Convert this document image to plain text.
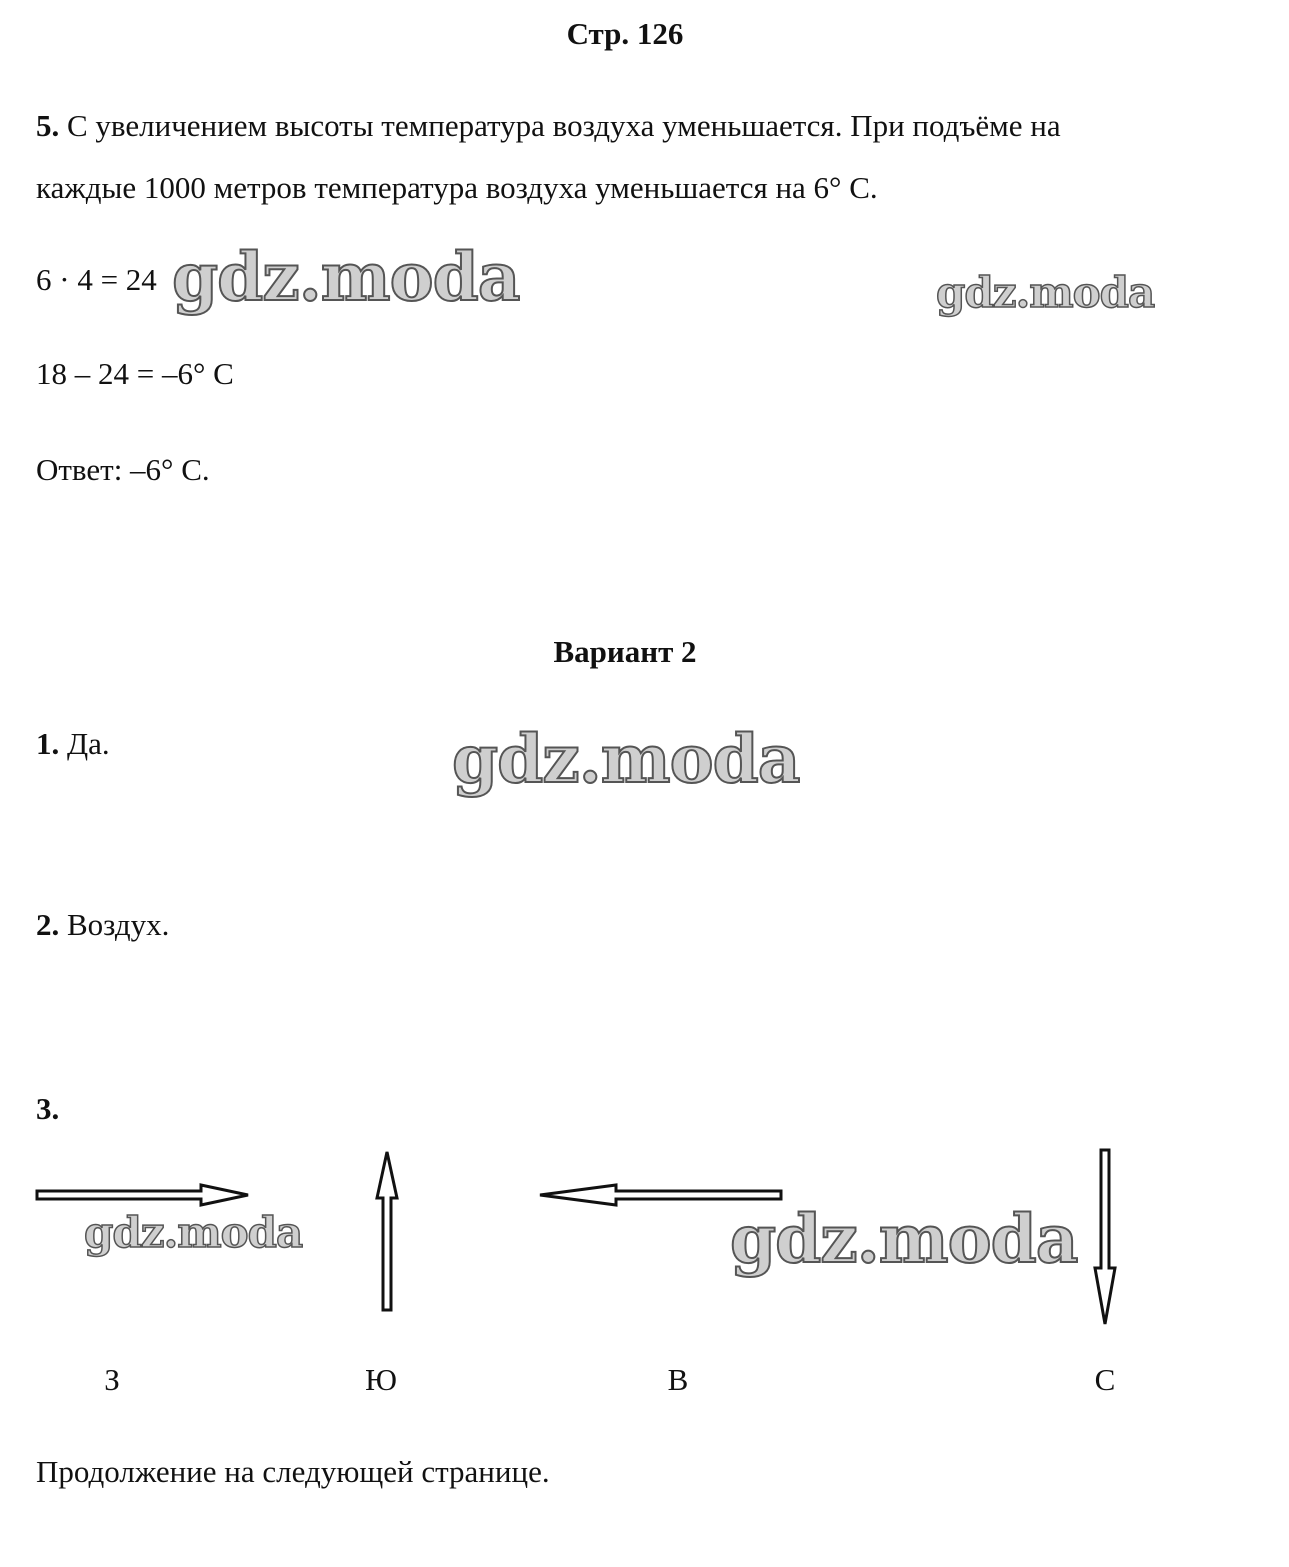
Стр. 126
5. С увеличением высоты температура воздуха уменьшается. При подъёме на
каждые 1000 метров температура воздуха уменьшается на 6° С.
6 · 4 = 24
18 – 24 = –6° С
Ответ: –6° С.
Вариант 2
1. Да.
2. Воздух.
3.
З	Ю	В	С
Продолжение на следующей странице.
gdz.moda	gdz.moda
gdz.moda
gdz.moda	gdz.moda
